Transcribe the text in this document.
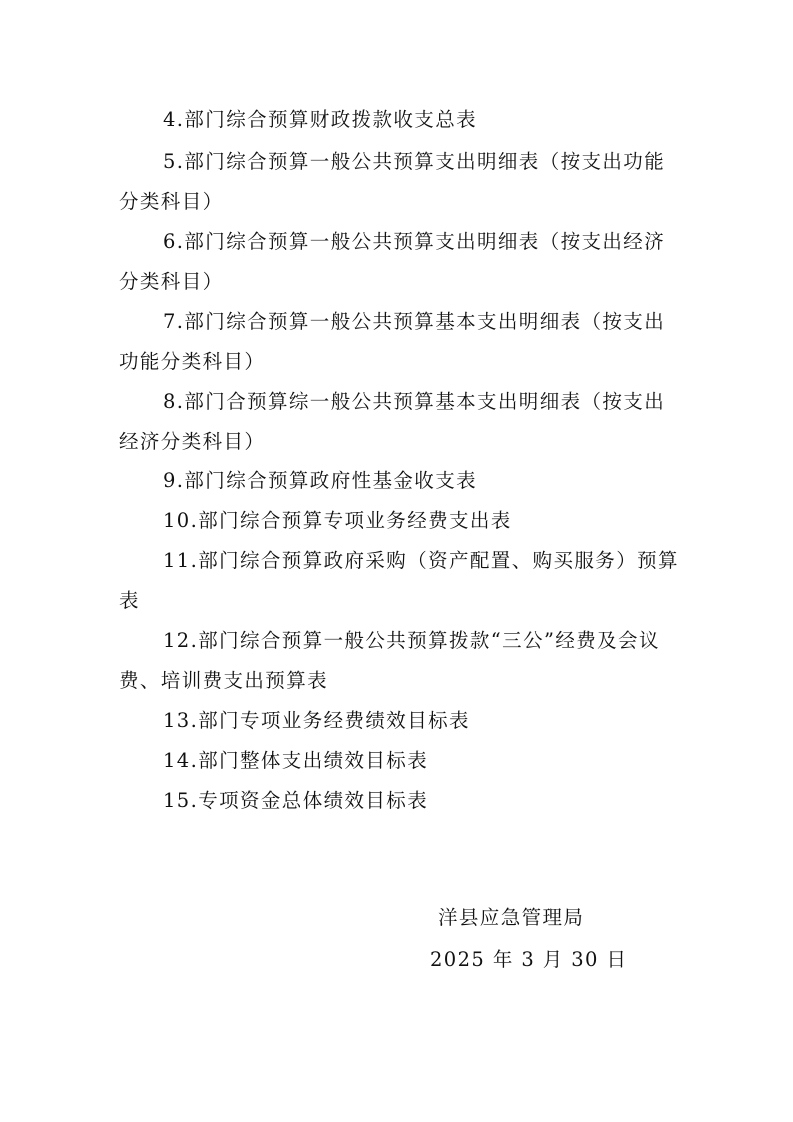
4.部门综合预算财政拨款收支总表

5.部门综合预算一般公共预算支出明细表（按支出功能分类科目）

6.部门综合预算一般公共预算支出明细表（按支出经济分类科目）

7.部门综合预算一般公共预算基本支出明细表（按支出功能分类科目）

8.部门合预算综一般公共预算基本支出明细表（按支出经济分类科目）

9.部门综合预算政府性基金收支表

10.部门综合预算专项业务经费支出表

11.部门综合预算政府采购（资产配置、购买服务）预算表

12.部门综合预算一般公共预算拨款“三公”经费及会议费、培训费支出预算表

13.部门专项业务经费绩效目标表

14.部门整体支出绩效目标表

15.专项资金总体绩效目标表

洋县应急管理局

2025 年 3 月 30 日
